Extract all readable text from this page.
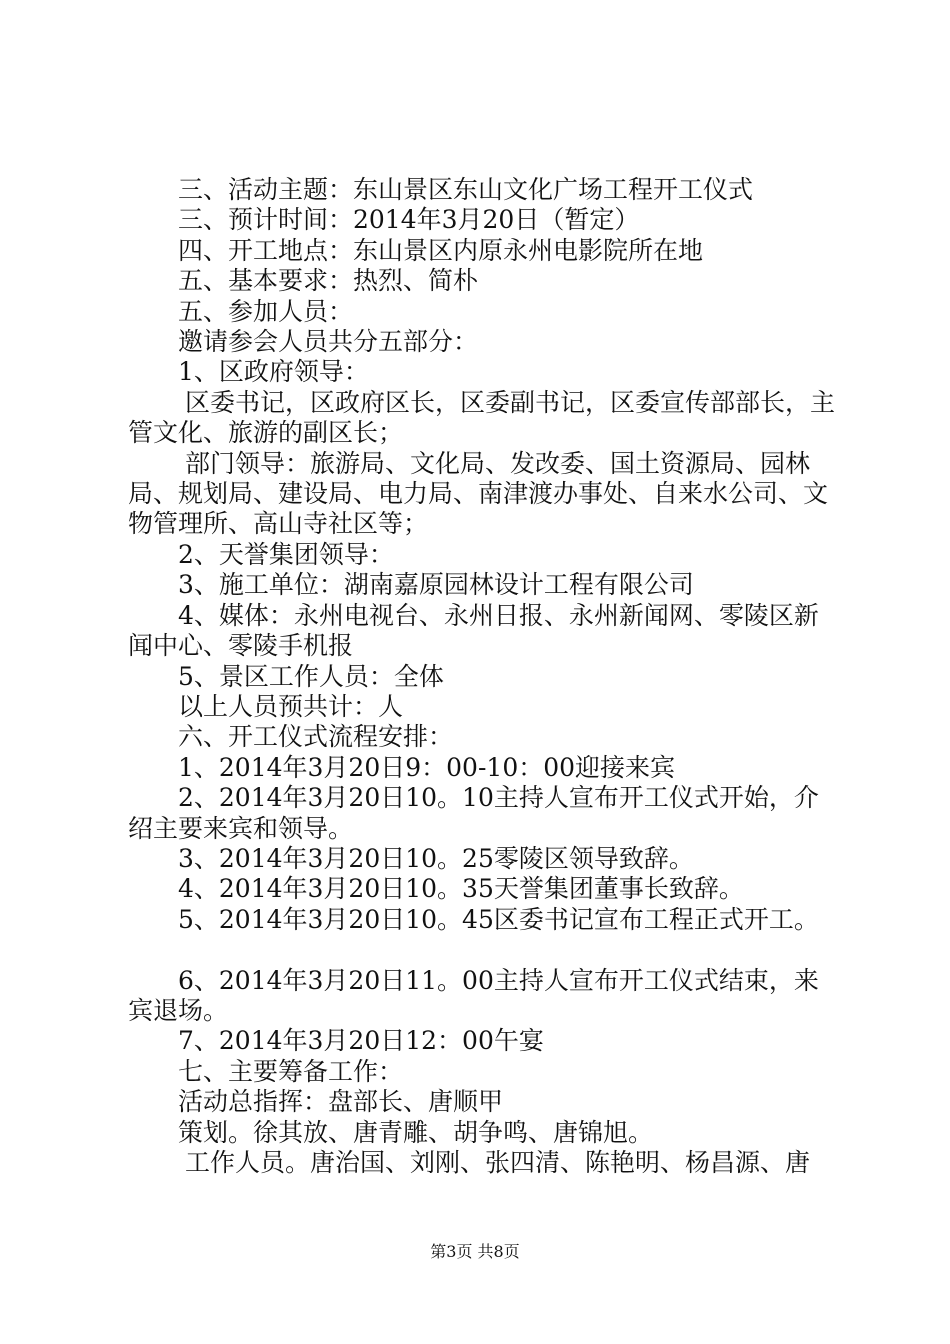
三、活动主题：东山景区东山文化广场工程开工仪式

三、预计时间：2014年3月20日（暂定）

四、开工地点：东山景区内原永州电影院所在地

五、基本要求：热烈、简朴

五、参加人员：

邀请参会人员共分五部分：

1、区政府领导：

区委书记，区政府区长，区委副书记，区委宣传部部长，主管文化、旅游的副区长；

部门领导：旅游局、文化局、发改委、国土资源局、园林局、规划局、建设局、电力局、南津渡办事处、自来水公司、文物管理所、高山寺社区等；

2、天誉集团领导：

3、施工单位：湖南嘉原园林设计工程有限公司

4、媒体：永州电视台、永州日报、永州新闻网、零陵区新闻中心、零陵手机报

5、景区工作人员：全体

以上人员预共计：人

六、开工仪式流程安排：

1、2014年3月20日9：00-10：00迎接来宾

2、2014年3月20日10。10主持人宣布开工仪式开始，介绍主要来宾和领导。

3、2014年3月20日10。25零陵区领导致辞。

4、2014年3月20日10。35天誉集团董事长致辞。

5、2014年3月20日10。45区委书记宣布工程正式开工。

6、2014年3月20日11。00主持人宣布开工仪式结束，来宾退场。

7、2014年3月20日12：00午宴

七、主要筹备工作：

活动总指挥：盘部长、唐顺甲

策划。徐其放、唐青雕、胡争鸣、唐锦旭。

工作人员。唐治国、刘刚、张四清、陈艳明、杨昌源、唐

第3页 共8页
